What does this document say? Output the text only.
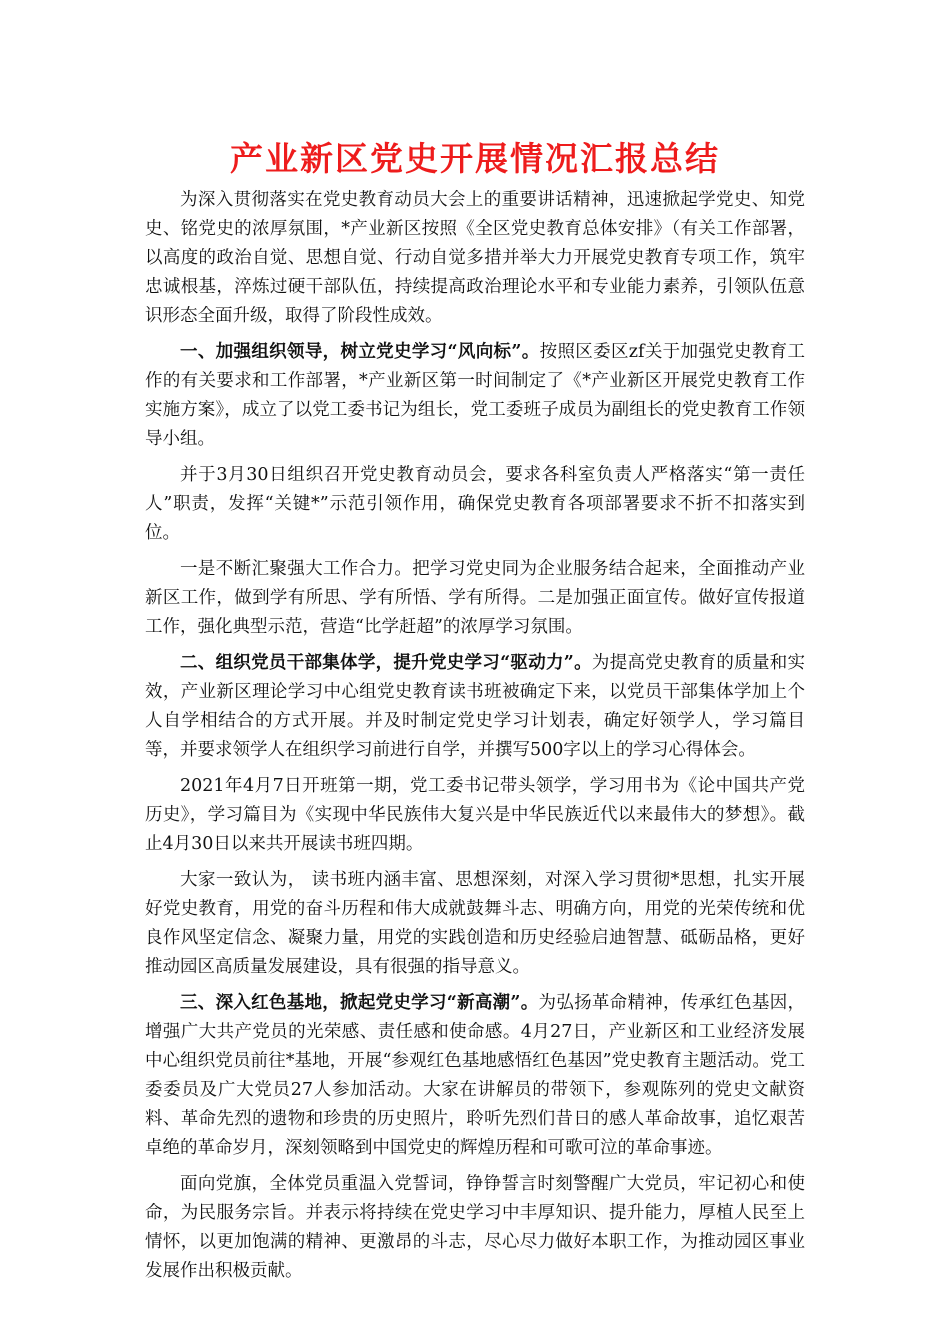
产业新区党史开展情况汇报总结

为深入贯彻落实在党史教育动员大会上的重要讲话精神，迅速掀起学党史、知党史、铭党史的浓厚氛围，*产业新区按照《全区党史教育总体安排》（有关工作部署，以高度的政治自觉、思想自觉、行动自觉多措并举大力开展党史教育专项工作，筑牢忠诚根基，淬炼过硬干部队伍，持续提高政治理论水平和专业能力素养，引领队伍意识形态全面升级，取得了阶段性成效。

一、加强组织领导，树立党史学习“风向标”。按照区委区zf关于加强党史教育工作的有关要求和工作部署，*产业新区第一时间制定了《*产业新区开展党史教育工作实施方案》，成立了以党工委书记为组长，党工委班子成员为副组长的党史教育工作领导小组。

并于3月30日组织召开党史教育动员会，要求各科室负责人严格落实“第一责任人”职责，发挥“关键*”示范引领作用，确保党史教育各项部署要求不折不扣落实到位。

一是不断汇聚强大工作合力。把学习党史同为企业服务结合起来，全面推动产业新区工作，做到学有所思、学有所悟、学有所得。二是加强正面宣传。做好宣传报道工作，强化典型示范，营造“比学赶超”的浓厚学习氛围。

二、组织党员干部集体学，提升党史学习“驱动力”。为提高党史教育的质量和实效，产业新区理论学习中心组党史教育读书班被确定下来，以党员干部集体学加上个人自学相结合的方式开展。并及时制定党史学习计划表，确定好领学人，学习篇目等，并要求领学人在组织学习前进行自学，并撰写500字以上的学习心得体会。

2021年4月7日开班第一期，党工委书记带头领学，学习用书为《论中国共产党历史》，学习篇目为《实现中华民族伟大复兴是中华民族近代以来最伟大的梦想》。截止4月30日以来共开展读书班四期。

大家一致认为， 读书班内涵丰富、思想深刻，对深入学习贯彻*思想，扎实开展好党史教育，用党的奋斗历程和伟大成就鼓舞斗志、明确方向，用党的光荣传统和优良作风坚定信念、凝聚力量，用党的实践创造和历史经验启迪智慧、砥砺品格，更好推动园区高质量发展建设，具有很强的指导意义。

三、深入红色基地，掀起党史学习“新高潮”。为弘扬革命精神，传承红色基因，增强广大共产党员的光荣感、责任感和使命感。4月27日，产业新区和工业经济发展中心组织党员前往*基地，开展“参观红色基地感悟红色基因”党史教育主题活动。党工委委员及广大党员27人参加活动。大家在讲解员的带领下，参观陈列的党史文献资料、革命先烈的遗物和珍贵的历史照片，聆听先烈们昔日的感人革命故事，追忆艰苦卓绝的革命岁月，深刻领略到中国党史的辉煌历程和可歌可泣的革命事迹。

面向党旗，全体党员重温入党誓词，铮铮誓言时刻警醒广大党员，牢记初心和使命，为民服务宗旨。并表示将持续在党史学习中丰厚知识、提升能力，厚植人民至上情怀，以更加饱满的精神、更激昂的斗志，尽心尽力做好本职工作，为推动园区事业发展作出积极贡献。
